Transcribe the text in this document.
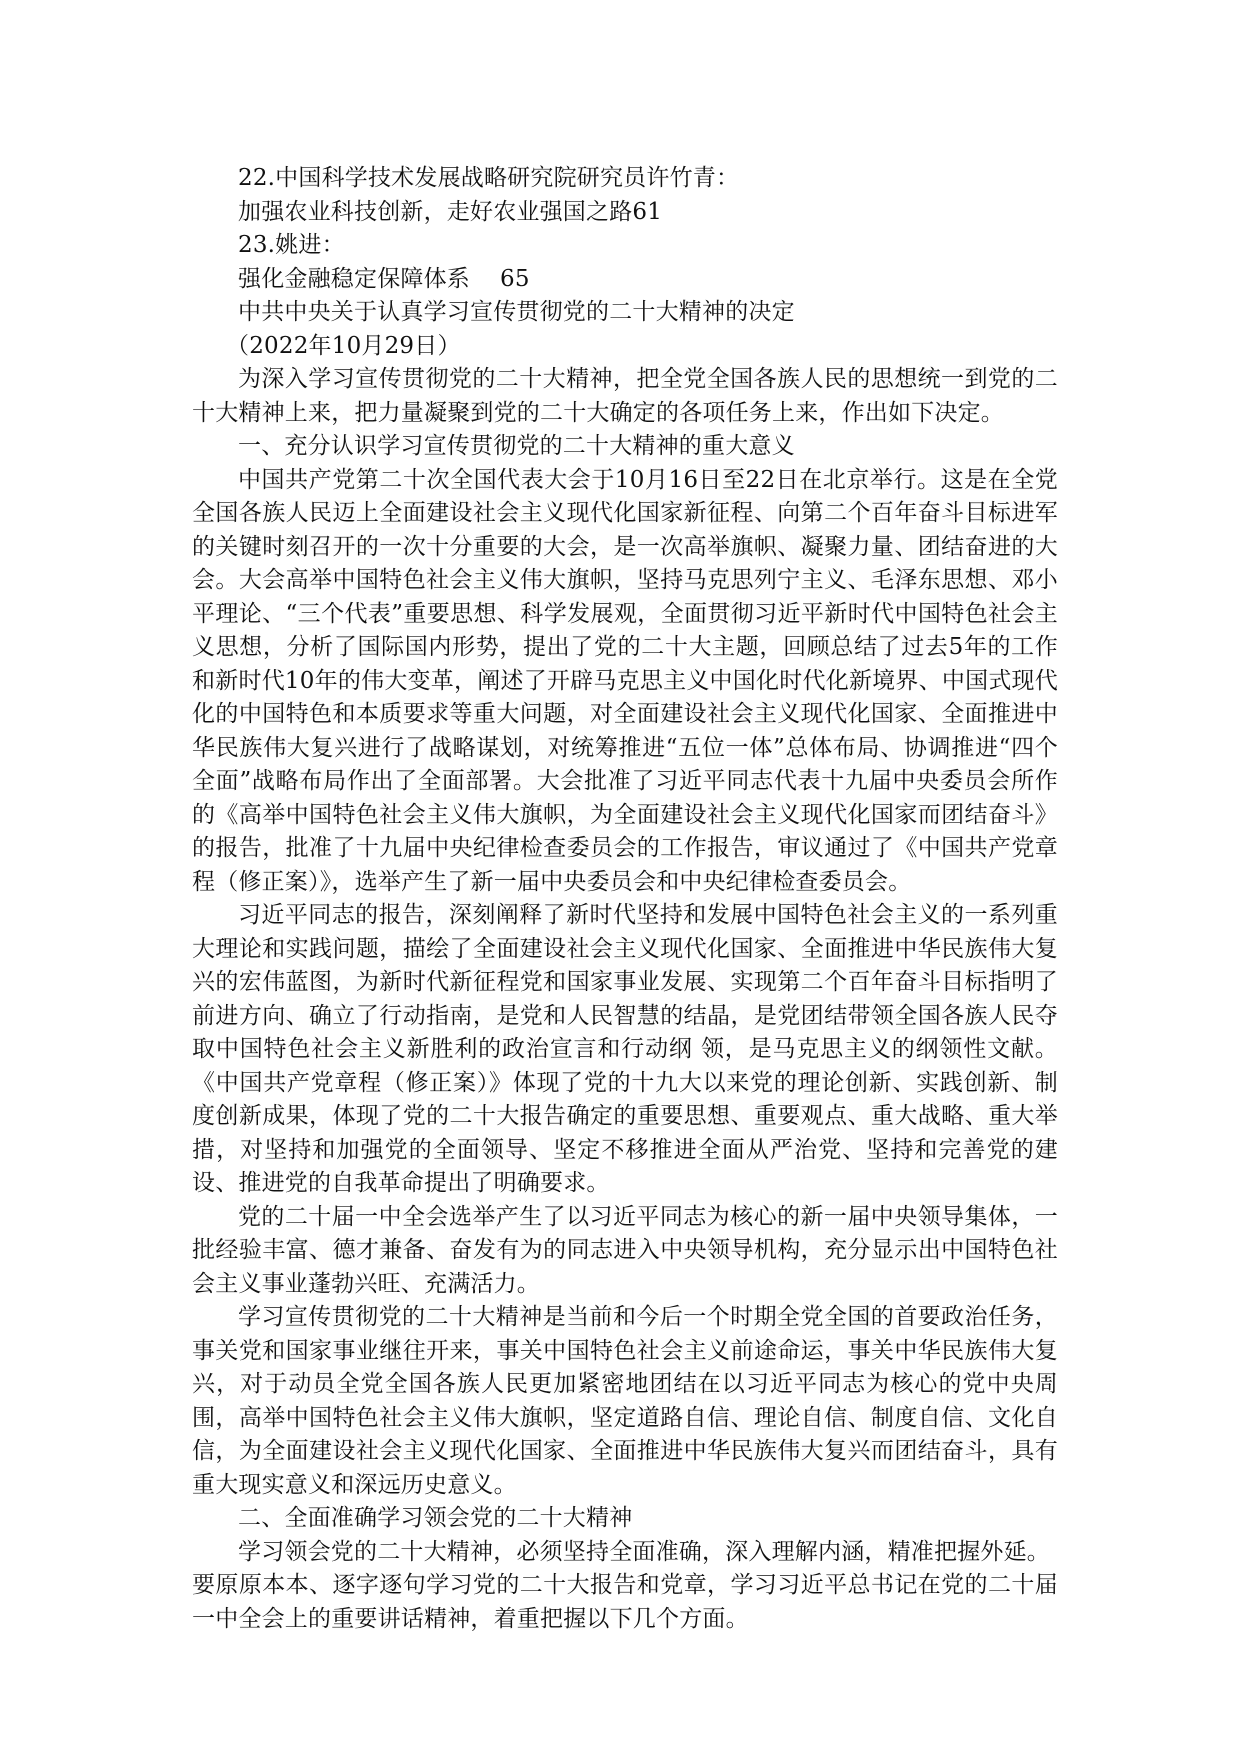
22.中国科学技术发展战略研究院研究员许竹青：

加强农业科技创新，走好农业强国之路61

23.姚进：

强化金融稳定保障体系    65

中共中央关于认真学习宣传贯彻党的二十大精神的决定

（2022年10月29日）

为深入学习宣传贯彻党的二十大精神，把全党全国各族人民的思想统一到党的二十大精神上来，把力量凝聚到党的二十大确定的各项任务上来，作出如下决定。

一、充分认识学习宣传贯彻党的二十大精神的重大意义

中国共产党第二十次全国代表大会于10月16日至22日在北京举行。这是在全党全国各族人民迈上全面建设社会主义现代化国家新征程、向第二个百年奋斗目标进军的关键时刻召开的一次十分重要的大会，是一次高举旗帜、凝聚力量、团结奋进的大会。大会高举中国特色社会主义伟大旗帜，坚持马克思列宁主义、毛泽东思想、邓小平理论、“三个代表”重要思想、科学发展观，全面贯彻习近平新时代中国特色社会主义思想，分析了国际国内形势，提出了党的二十大主题，回顾总结了过去5年的工作和新时代10年的伟大变革，阐述了开辟马克思主义中国化时代化新境界、中国式现代化的中国特色和本质要求等重大问题，对全面建设社会主义现代化国家、全面推进中华民族伟大复兴进行了战略谋划，对统筹推进“五位一体”总体布局、协调推进“四个全面”战略布局作出了全面部署。大会批准了习近平同志代表十九届中央委员会所作的《高举中国特色社会主义伟大旗帜，为全面建设社会主义现代化国家而团结奋斗》的报告，批准了十九届中央纪律检查委员会的工作报告，审议通过了《中国共产党章程（修正案）》，选举产生了新一届中央委员会和中央纪律检查委员会。

习近平同志的报告，深刻阐释了新时代坚持和发展中国特色社会主义的一系列重大理论和实践问题，描绘了全面建设社会主义现代化国家、全面推进中华民族伟大复兴的宏伟蓝图，为新时代新征程党和国家事业发展、实现第二个百年奋斗目标指明了前进方向、确立了行动指南，是党和人民智慧的结晶，是党团结带领全国各族人民夺取中国特色社会主义新胜利的政治宣言和行动纲 领，是马克思主义的纲领性文献。《中国共产党章程（修正案）》体现了党的十九大以来党的理论创新、实践创新、制度创新成果，体现了党的二十大报告确定的重要思想、重要观点、重大战略、重大举措，对坚持和加强党的全面领导、坚定不移推进全面从严治党、坚持和完善党的建设、推进党的自我革命提出了明确要求。

党的二十届一中全会选举产生了以习近平同志为核心的新一届中央领导集体，一批经验丰富、德才兼备、奋发有为的同志进入中央领导机构，充分显示出中国特色社会主义事业蓬勃兴旺、充满活力。

学习宣传贯彻党的二十大精神是当前和今后一个时期全党全国的首要政治任务，事关党和国家事业继往开来，事关中国特色社会主义前途命运，事关中华民族伟大复兴，对于动员全党全国各族人民更加紧密地团结在以习近平同志为核心的党中央周围，高举中国特色社会主义伟大旗帜，坚定道路自信、理论自信、制度自信、文化自信，为全面建设社会主义现代化国家、全面推进中华民族伟大复兴而团结奋斗，具有重大现实意义和深远历史意义。

二、全面准确学习领会党的二十大精神

学习领会党的二十大精神，必须坚持全面准确，深入理解内涵，精准把握外延。

要原原本本、逐字逐句学习党的二十大报告和党章，学习习近平总书记在党的二十届一中全会上的重要讲话精神，着重把握以下几个方面。
